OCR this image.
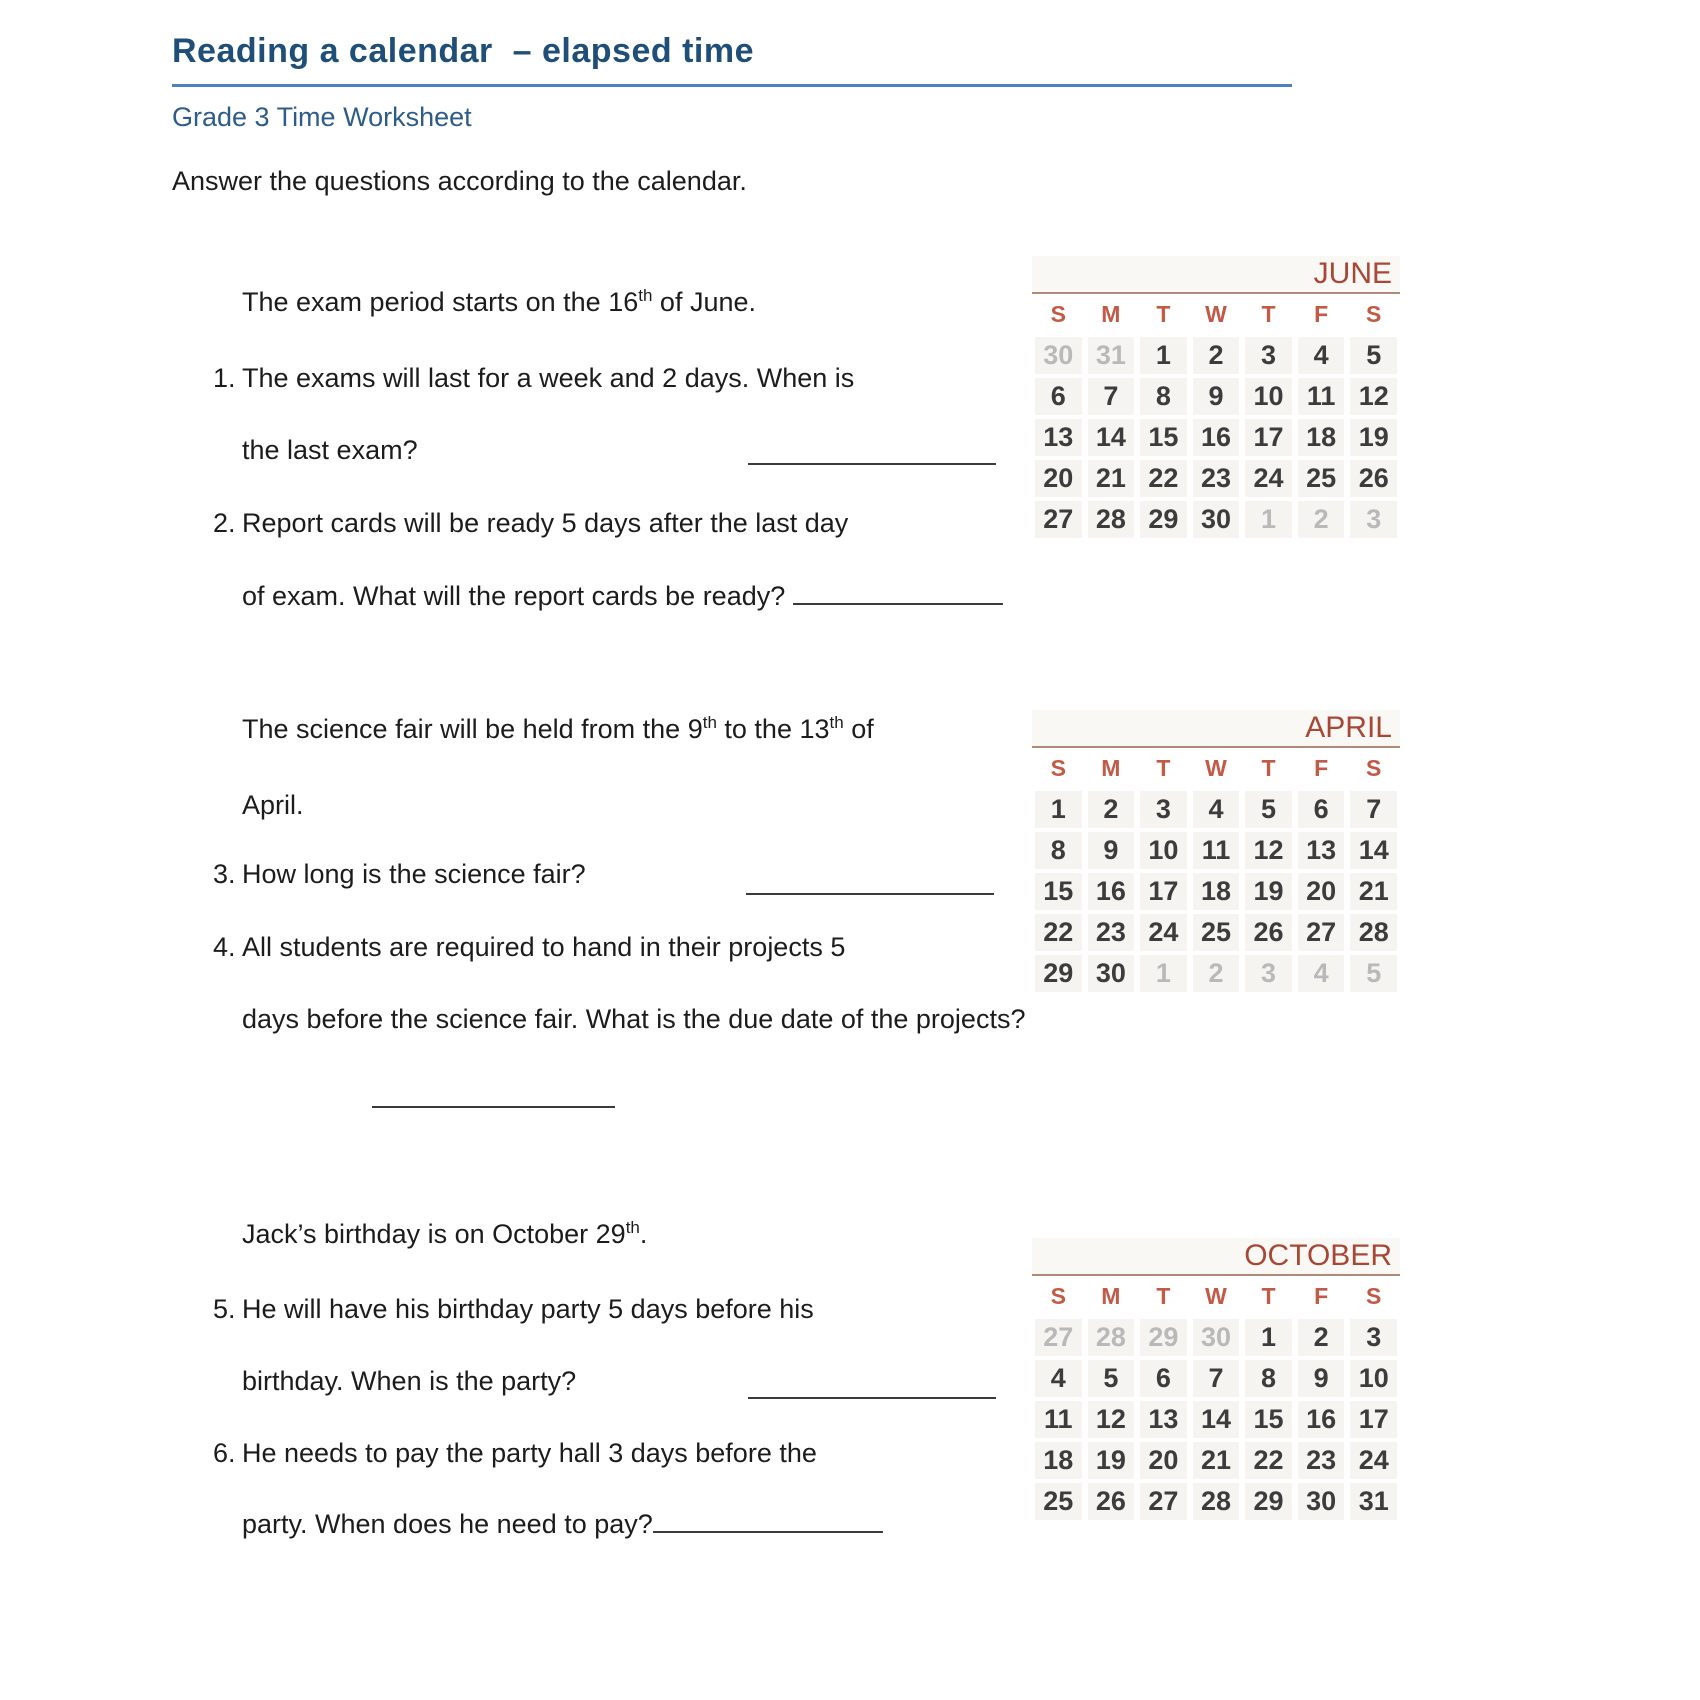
Reading a calendar  – elapsed time
Grade 3 Time Worksheet
Answer the questions according to the calendar.
The exam period starts on the 16th of June.
1. The exams will last for a week and 2 days. When is
the last exam?
2. Report cards will be ready 5 days after the last day
of exam. What will the report cards be ready?
The science fair will be held from the 9th to the 13th of
April.
3. How long is the science fair?
4. All students are required to hand in their projects 5
days before the science fair. What is the due date of the projects?
Jack’s birthday is on October 29th.
5. He will have his birthday party 5 days before his
birthday. When is the party?
6. He needs to pay the party hall 3 days before the
party. When does he need to pay?
JUNE
S	M	T	W	T	F	S
30 31	1	2	3	4	5
6	7	8	9	10 11 12
13 14 15 16 17 18 19
20 21 22 23 24 25 26
27 28 29 30	1	2	3
APRIL
S	M	T	W	T	F	S
1	2	3	4	5	6	7
8	9	10 11 12 13 14
15 16 17 18 19 20 21
22 23 24 25 26 27 28
29 30	1	2	3	4	5
OCTOBER
S	M	T	W	T	F	S
27 28 29 30	1	2	3
4	5	6	7	8	9	10
11 12 13 14 15 16 17
18 19 20 21 22 23 24
25 26 27 28 29 30 31
